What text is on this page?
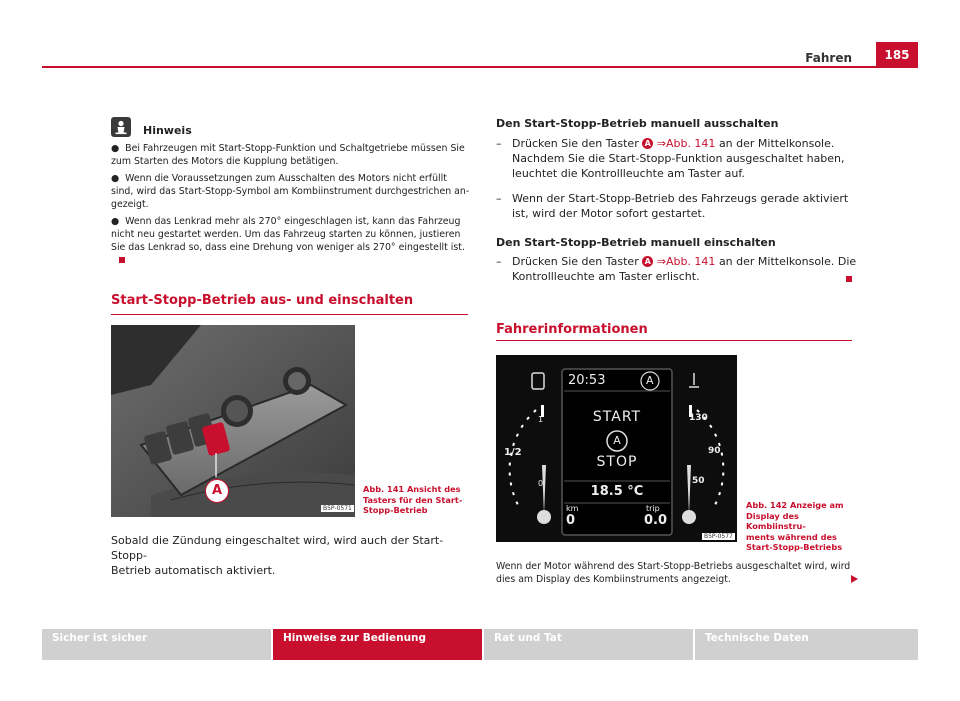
Fahren	185
Hinweis
●  Bei Fahrzeugen mit Start-Stopp-Funktion und Schaltgetriebe müssen Sie
zum Starten des Motors die Kupplung betätigen.
●  Wenn die Voraussetzungen zum Ausschalten des Motors nicht erfüllt
sind, wird das Start-Stopp-Symbol am Kombiinstrument durchgestrichen an-
gezeigt.
●  Wenn das Lenkrad mehr als 270° eingeschlagen ist, kann das Fahrzeug
nicht neu gestartet werden. Um das Fahrzeug starten zu können, justieren
Sie das Lenkrad so, dass eine Drehung von weniger als 270° eingestellt ist.
Start-Stopp-Betrieb aus- und einschalten
A
B5P-0571
Abb. 141 Ansicht des
Tasters für den Start-
Stopp-Betrieb
Sobald die Zündung eingeschaltet wird, wird auch der Start-Stopp-
Betrieb automatisch aktiviert.
Den Start-Stopp-Betrieb manuell ausschalten
– Drücken Sie den Taster A ⇒Abb. 141 an der Mittelkonsole.
Nachdem Sie die Start-Stopp-Funktion ausgeschaltet haben,
leuchtet die Kontrollleuchte am Taster auf.
– Wenn der Start-Stopp-Betrieb des Fahrzeugs gerade aktiviert
ist, wird der Motor sofort gestartet.
Den Start-Stopp-Betrieb manuell einschalten
– Drücken Sie den Taster A ⇒Abb. 141 an der Mittelkonsole. Die
Kontrollleuchte am Taster erlischt.
Fahrerinformationen
20:53	A
START
A
STOP
18.5 °C
km
0
trip
0.0
1/2
1
0
130
90
50
B5P-0577
Abb. 142 Anzeige am
Display des Kombiinstru-
ments während des
Start-Stopp-Betriebs
Wenn der Motor während des Start-Stopp-Betriebs ausgeschaltet wird, wird
dies am Display des Kombiinstruments angezeigt.
Sicher ist sicher	Hinweise zur Bedienung	Rat und Tat	Technische Daten
